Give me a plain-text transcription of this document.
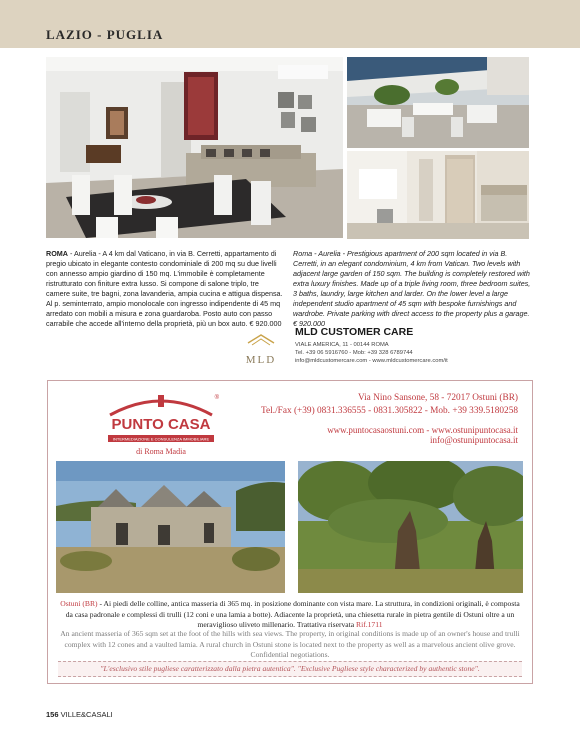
LAZIO - PUGLIA
ROMA - Aurelia - A 4 km dal Vaticano, in via B. Cerretti, appartamento di pregio ubicato in elegante contesto condominiale di 200 mq su due livelli con annesso ampio giardino di 150 mq. L'immobile è completamente ristrutturato con finiture extra lusso. Si compone di salone triplo, tre camere suite, tre bagni, zona lavanderia, ampia cucina e attigua dispensa. Al p. seminterrato, ampio monolocale con ingresso indipendente di 45 mq arredato con mobili a misura e zona guardaroba. Posto auto con passo carrabile che accede all'interno della proprietà, più un box auto. € 920.000
Roma - Aurelia - Prestigious apartment of 200 sqm located in via B. Cerretti, in an elegant condominium, 4 km from Vatican. Two levels with adjacent large garden of 150 sqm. The building is completely restored with extra luxury finishes. Made up of a triple living room, three bedroom suites, 3 baths, laundry, large kitchen and larder. On the lower level a large independent studio apartment of 45 sqm with bespoke furnishings and wardrobe. Private parking with direct access to the property plus a garage. € 920.000
MLD
MLD CUSTOMER CARE
VIALE AMERICA, 11 - 00144 ROMA
Tel. +39 06 5916760 - Mob: +39 328 6789744
info@mldcustomercare.com - www.mldcustomercare.com/it
®
PUNTO CASA
INTERMEDIAZIONE E CONSULENZA IMMOBILIARE
di Roma Madia
Via Nino Sansone, 58 - 72017 Ostuni (BR)
Tel./Fax (+39) 0831.336555 - 0831.305822 - Mob. +39 339.5180258
www.puntocasaostuni.com - www.ostunipuntocasa.it
info@ostunipuntocasa.it
Ostuni (BR) - Ai piedi delle colline, antica masseria di 365 mq. in posizione dominante con vista mare. La struttura, in condizioni originali, è composta da casa padronale e complessi di trulli (12 coni e una lamia a botte). Adiacente la proprietà, una chiesetta rurale in pietra gentile di Ostuni oltre a un meraviglioso uliveto millenario. Trattativa riservata Rif.1711
An ancient masseria of 365 sqm set at the foot of the hills with sea views. The property, in original conditions is made up of an owner's house and trulli complex with 12 cones and a vaulted lamia. A rural church in Ostuni stone is located next to the property as well as a marvelous ancient olive grove. Confidential negotiations.
"L'esclusivo stile pugliese caratterizzato dalla pietra autentica". "Exclusive Pugliese style characterized by authentic stone".
156 VILLE&CASALI
